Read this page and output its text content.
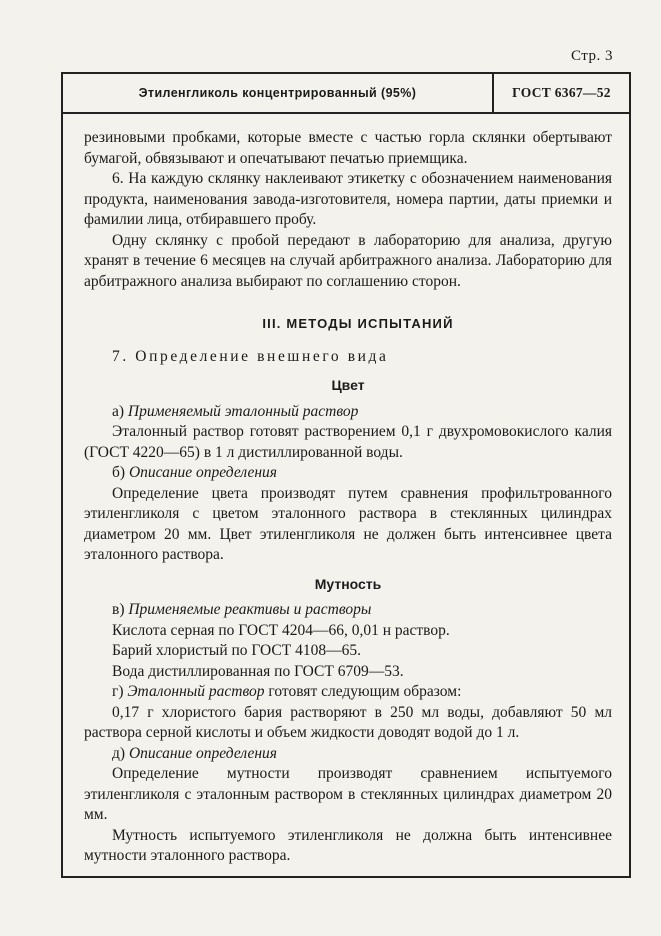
Стр. 3
Этиленгликоль концентрированный (95%)	ГОСТ 6367—52

резиновыми пробками, которые вместе с частью горла склянки обертывают бумагой, обвязывают и опечатывают печатью приемщика.

6. На каждую склянку наклеивают этикетку с обозначением наименования продукта, наименования завода-изготовителя, номера партии, даты приемки и фамилии лица, отбиравшего пробу.

Одну склянку с пробой передают в лабораторию для анализа, другую хранят в течение 6 месяцев на случай арбитражного анализа. Лабораторию для арбитражного анализа выбирают по соглашению сторон.

III. МЕТОДЫ ИСПЫТАНИЙ

7. Определение внешнего вида

Цвет

а) Применяемый эталонный раствор

Эталонный раствор готовят растворением 0,1 г двухромовокислого калия (ГОСТ 4220—65) в 1 л дистиллированной воды.

б) Описание определения

Определение цвета производят путем сравнения профильтрованного этиленгликоля с цветом эталонного раствора в стеклянных цилиндрах диаметром 20 мм. Цвет этиленгликоля не должен быть интенсивнее цвета эталонного раствора.

Мутность

в) Применяемые реактивы и растворы

Кислота серная по ГОСТ 4204—66, 0,01 н раствор.

Барий хлористый по ГОСТ 4108—65.

Вода дистиллированная по ГОСТ 6709—53.

г) Эталонный раствор готовят следующим образом:

0,17 г хлористого бария растворяют в 250 мл воды, добавляют 50 мл раствора серной кислоты и объем жидкости доводят водой до 1 л.

д) Описание определения

Определение мутности производят сравнением испытуемого этиленгликоля с эталонным раствором в стеклянных цилиндрах диаметром 20 мм.

Мутность испытуемого этиленгликоля не должна быть интенсивнее мутности эталонного раствора.
